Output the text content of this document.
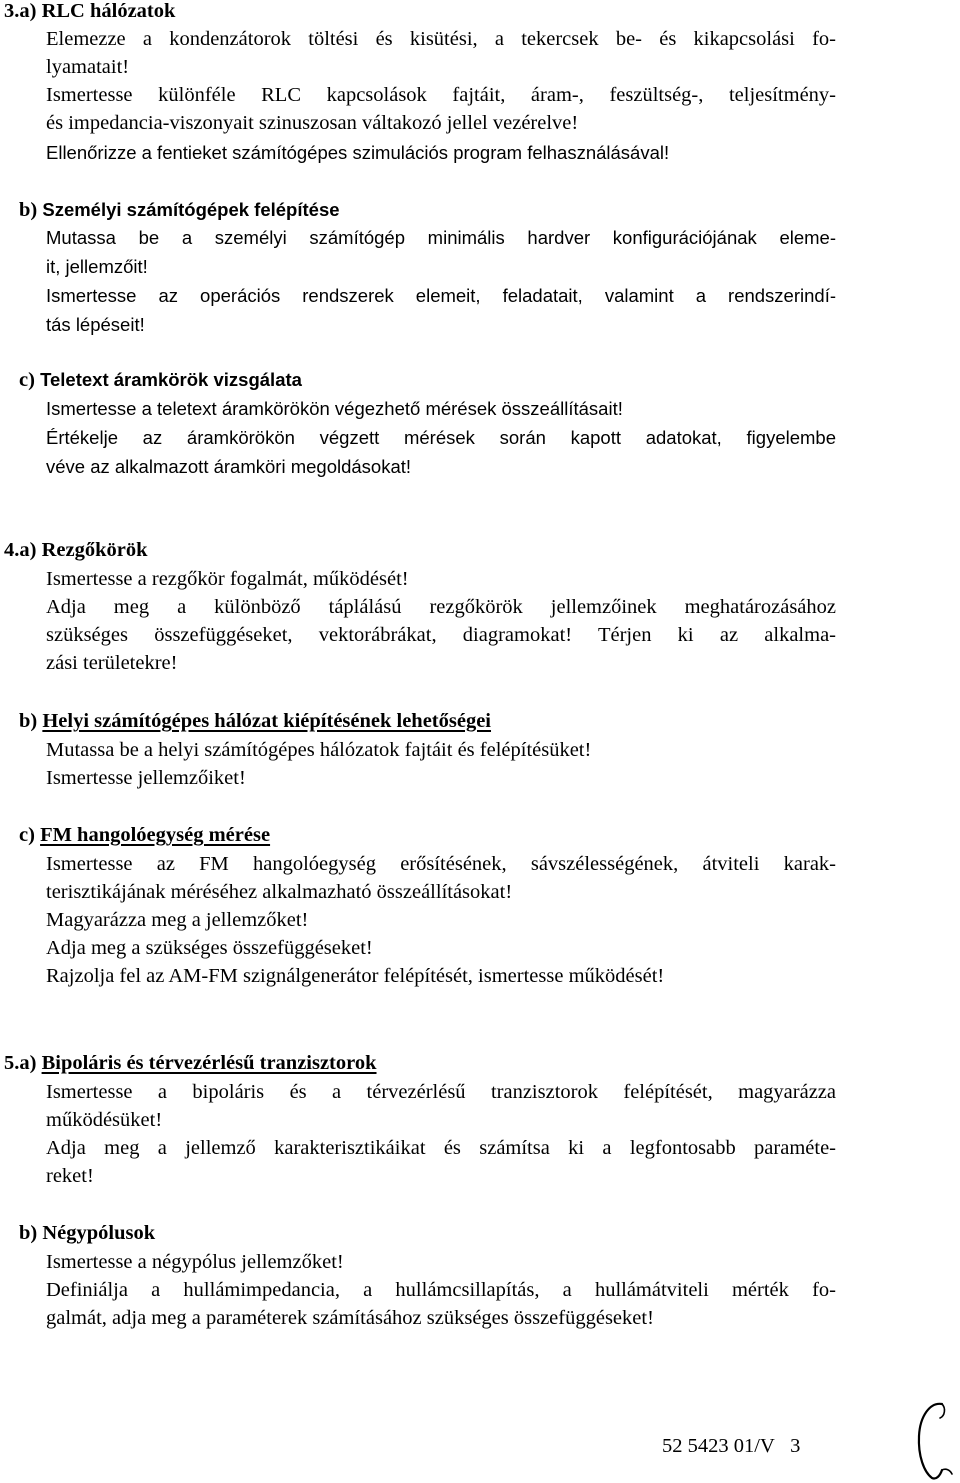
3.a) RLC hálózatok
Elemezze a kondenzátorok töltési és kisütési, a tekercsek be- és kikapcsolási fo-
lyamatait!
Ismertesse különféle RLC kapcsolások fajtáit, áram-, feszültség-, teljesítmény-
és impedancia-viszonyait szinuszosan váltakozó jellel vezérelve!
Ellenőrizze a fentieket számítógépes szimulációs program felhasználásával!
b) Személyi számítógépek felépítése
Mutassa be a személyi számítógép minimális hardver konfigurációjának eleme-
it, jellemzőit!
Ismertesse az operációs rendszerek elemeit, feladatait, valamint a rendszerindí-
tás lépéseit!
c) Teletext áramkörök vizsgálata
Ismertesse a teletext áramkörökön végezhető mérések összeállításait!
Értékelje az áramkörökön végzett mérések során kapott adatokat, figyelembe
véve az alkalmazott áramköri megoldásokat!
4.a) Rezgőkörök
Ismertesse a rezgőkör fogalmát, működését!
Adja meg a különböző táplálású rezgőkörök jellemzőinek meghatározásához
szükséges összefüggéseket, vektorábrákat, diagramokat! Térjen ki az alkalma-
zási területekre!
b) Helyi számítógépes hálózat kiépítésének lehetőségei
Mutassa be a helyi számítógépes hálózatok fajtáit és felépítésüket!
Ismertesse jellemzőiket!
c) FM hangolóegység mérése
Ismertesse az FM hangolóegység erősítésének, sávszélességének, átviteli karak-
terisztikájának méréséhez alkalmazható összeállításokat!
Magyarázza meg a jellemzőket!
Adja meg a szükséges összefüggéseket!
Rajzolja fel az AM-FM szignálgenerátor felépítését, ismertesse működését!
5.a) Bipoláris és térvezérlésű tranzisztorok
Ismertesse a bipoláris és a térvezérlésű tranzisztorok felépítését, magyarázza
működésüket!
Adja meg a jellemző karakterisztikáikat és számítsa ki a legfontosabb paraméte-
reket!
b) Négypólusok
Ismertesse a négypólus jellemzőket!
Definiálja a hullámimpedancia, a hullámcsillapítás, a hullámátviteli mérték fo-
galmát, adja meg a paraméterek számításához szükséges összefüggéseket!
52 5423 01/V 3
